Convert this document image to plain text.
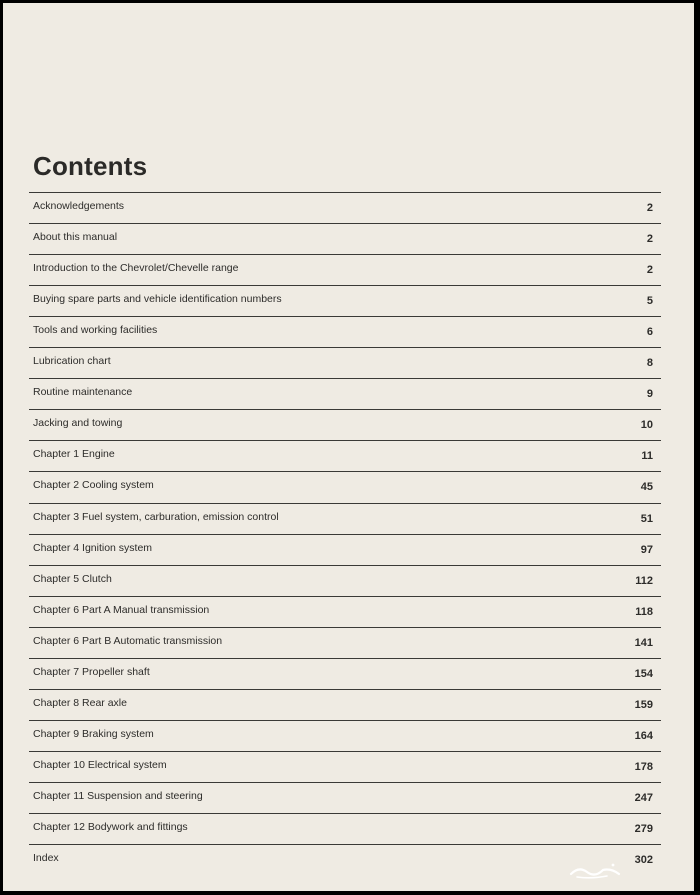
Contents
Acknowledgements	2
About this manual	2
Introduction to the Chevrolet/Chevelle range	2
Buying spare parts and vehicle identification numbers	5
Tools and working facilities	6
Lubrication chart	8
Routine maintenance	9
Jacking and towing	10
Chapter 1 Engine	11
Chapter 2 Cooling system	45
Chapter 3 Fuel system, carburation, emission control	51
Chapter 4 Ignition system	97
Chapter 5 Clutch	112
Chapter 6 Part A Manual transmission	118
Chapter 6 Part B Automatic transmission	141
Chapter 7 Propeller shaft	154
Chapter 8 Rear axle	159
Chapter 9 Braking system	164
Chapter 10 Electrical system	178
Chapter 11 Suspension and steering	247
Chapter 12 Bodywork and fittings	279
Index	302
